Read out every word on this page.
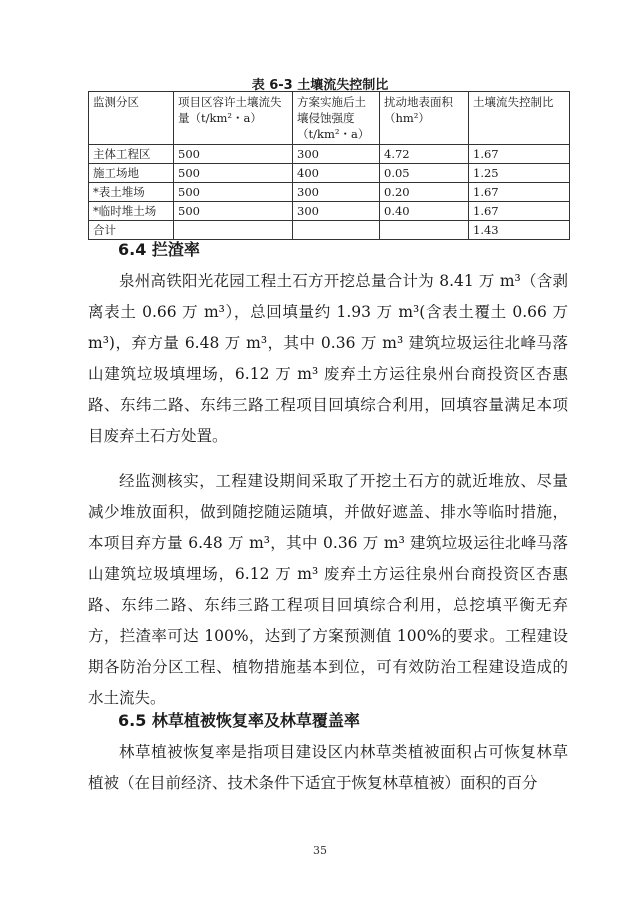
表 6-3 土壤流失控制比
监测分区	项目区容许土壤流失量（t/km²・a）	方案实施后土壤侵蚀强度（t/km²・a）	扰动地表面积（hm²）	土壤流失控制比
主体工程区	500	300	4.72	1.67
施工场地	500	400	0.05	1.25
*表土堆场	500	300	0.20	1.67
*临时堆土场	500	300	0.40	1.67
合计				1.43
6.4 拦渣率

泉州高铁阳光花园工程土石方开挖总量合计为 8.41 万 m³（含剥离表土 0.66 万 m³），总回填量约 1.93 万 m³(含表土覆土 0.66 万 m³)，弃方量 6.48 万 m³，其中 0.36 万 m³ 建筑垃圾运往北峰马落山建筑垃圾填埋场，6.12 万 m³ 废弃土方运往泉州台商投资区杏惠路、东纬二路、东纬三路工程项目回填综合利用，回填容量满足本项目废弃土石方处置。

经监测核实，工程建设期间采取了开挖土石方的就近堆放、尽量减少堆放面积，做到随挖随运随填，并做好遮盖、排水等临时措施，本项目弃方量 6.48 万 m³，其中 0.36 万 m³ 建筑垃圾运往北峰马落山建筑垃圾填埋场，6.12 万 m³ 废弃土方运往泉州台商投资区杏惠路、东纬二路、东纬三路工程项目回填综合利用，总挖填平衡无弃方，拦渣率可达 100%，达到了方案预测值 100%的要求。工程建设期各防治分区工程、植物措施基本到位，可有效防治工程建设造成的水土流失。

6.5 林草植被恢复率及林草覆盖率

林草植被恢复率是指项目建设区内林草类植被面积占可恢复林草植被（在目前经济、技术条件下适宜于恢复林草植被）面积的百分

35
